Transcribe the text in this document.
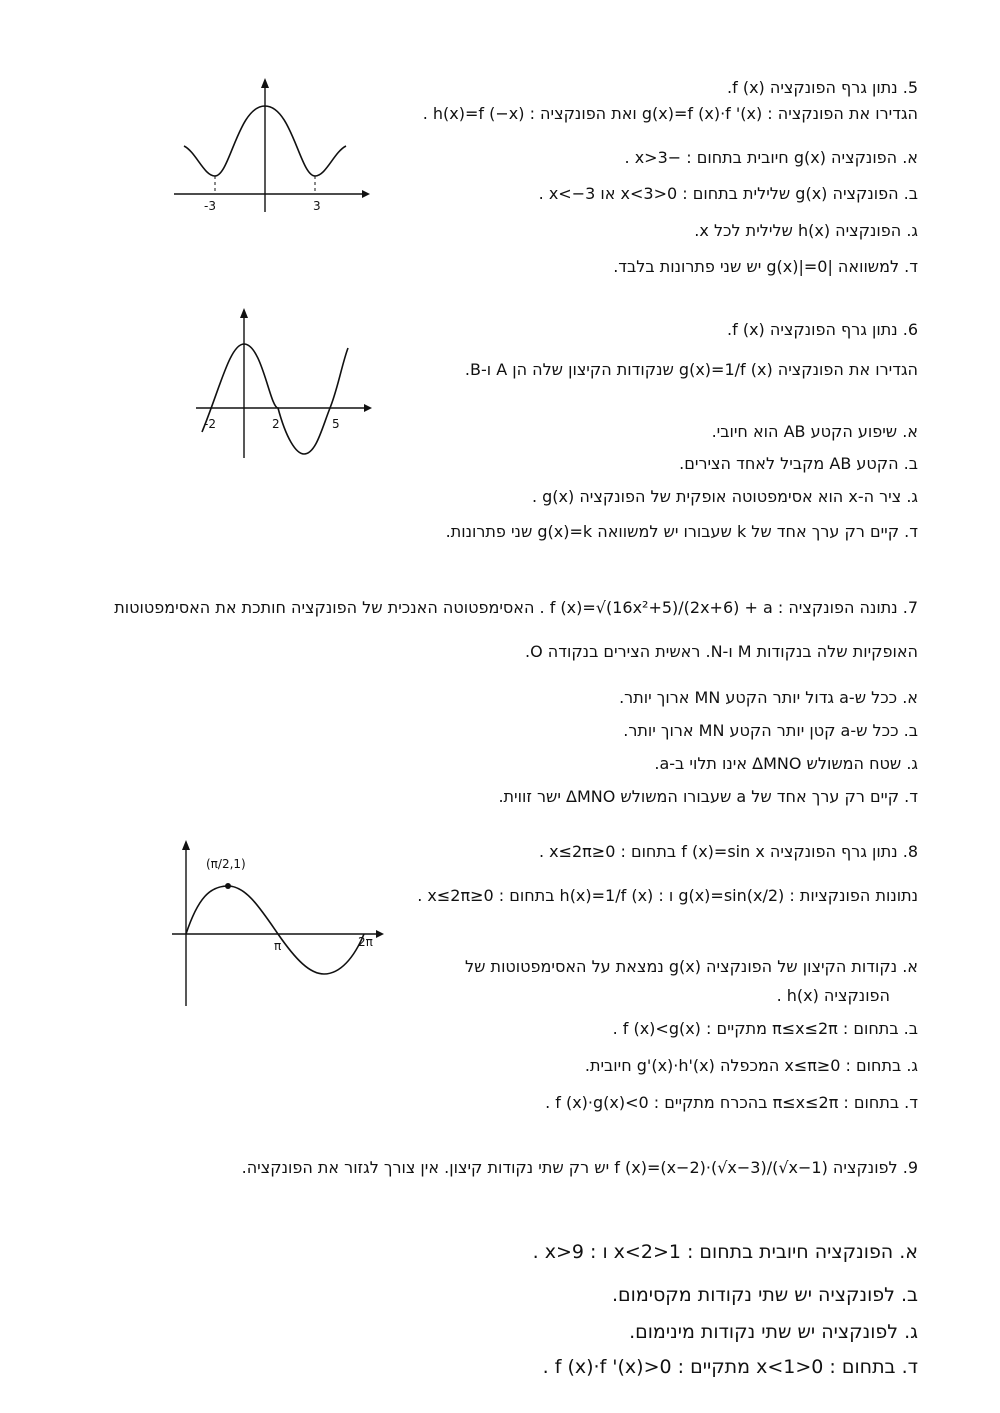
5. נתון גרף הפונקציה f (x).
הגדירו את הפונקציה : g(x)=f (x)·f '(x) ואת הפונקציה : h(x)=f (−x) .
א. הפונקציה g(x) חיובית בתחום : −3<x .
ב. הפונקציה g(x) שלילית בתחום : 0<x<3 או x<−3 .
ג. הפונקציה h(x) שלילית לכל x.
ד. למשוואה |g(x)|=0 יש שני פתרונות בלבד.
-3	3
6. נתון גרף הפונקציה f (x).
הגדירו את הפונקציה g(x)=1/f (x) שנקודות הקיצון שלה הן A ו-B.
א. שיפוע הקטע AB הוא חיובי.
ב. הקטע AB מקביל לאחד הצירים.
ג. ציר ה-x הוא אסימפטוטה אופקית של הפונקציה g(x) .
ד. קיים רק ערך אחד של k שעבורו יש למשוואה g(x)=k שני פתרונות.
-2	2	5
7. נתונה הפונקציה : f (x)=√(16x²+5)/(2x+6) + a . האסימפטוטה האנכית של הפונקציה חותכת את האסימפטוטות
האופקיות שלה בנקודות M ו-N. ראשית הצירים בנקודה O.
א. ככל ש-a גדול יותר הקטע MN ארוך יותר.
ב. ככל ש-a קטן יותר הקטע MN ארוך יותר.
ג. שטח המשולש ΔMNO אינו תלוי ב-a.
ד. קיים רק ערך אחד של a שעבורו המשולש ΔMNO ישר זווית.
8. נתון גרף הפונקציה f (x)=sin x בתחום : 0≤x≤2π .
נתונות הפונקציות : g(x)=sin(x/2) ו : h(x)=1/f (x) בתחום : 0≤x≤2π .
א. נקודות הקיצון של הפונקציה g(x) נמצאת על האסימפטוטות של
הפונקציה h(x) .
ב. בתחום : π≤x≤2π מתקיים : f (x)<g(x) .
ג. בתחום : 0≤x≤π המכפלה g'(x)·h'(x) חיובית.
ד. בתחום : π≤x≤2π בהכרח מתקיים : f (x)·g(x)<0 .
(π/2,1)
π	2π
9. לפונקציה f (x)=(x−2)·(√x−3)/(√x−1) יש רק שתי נקודות קיצון. אין צורך לגזור את הפונקציה.
א. הפונקציה חיובית בתחום : 1<x<2 ו : 9<x .
ב. לפונקציה יש שתי נקודות מקסימום.
ג. לפונקציה יש שתי נקודות מינימום.
ד. בתחום : 0<x<1 מתקיים : 0<f (x)·f '(x) .
